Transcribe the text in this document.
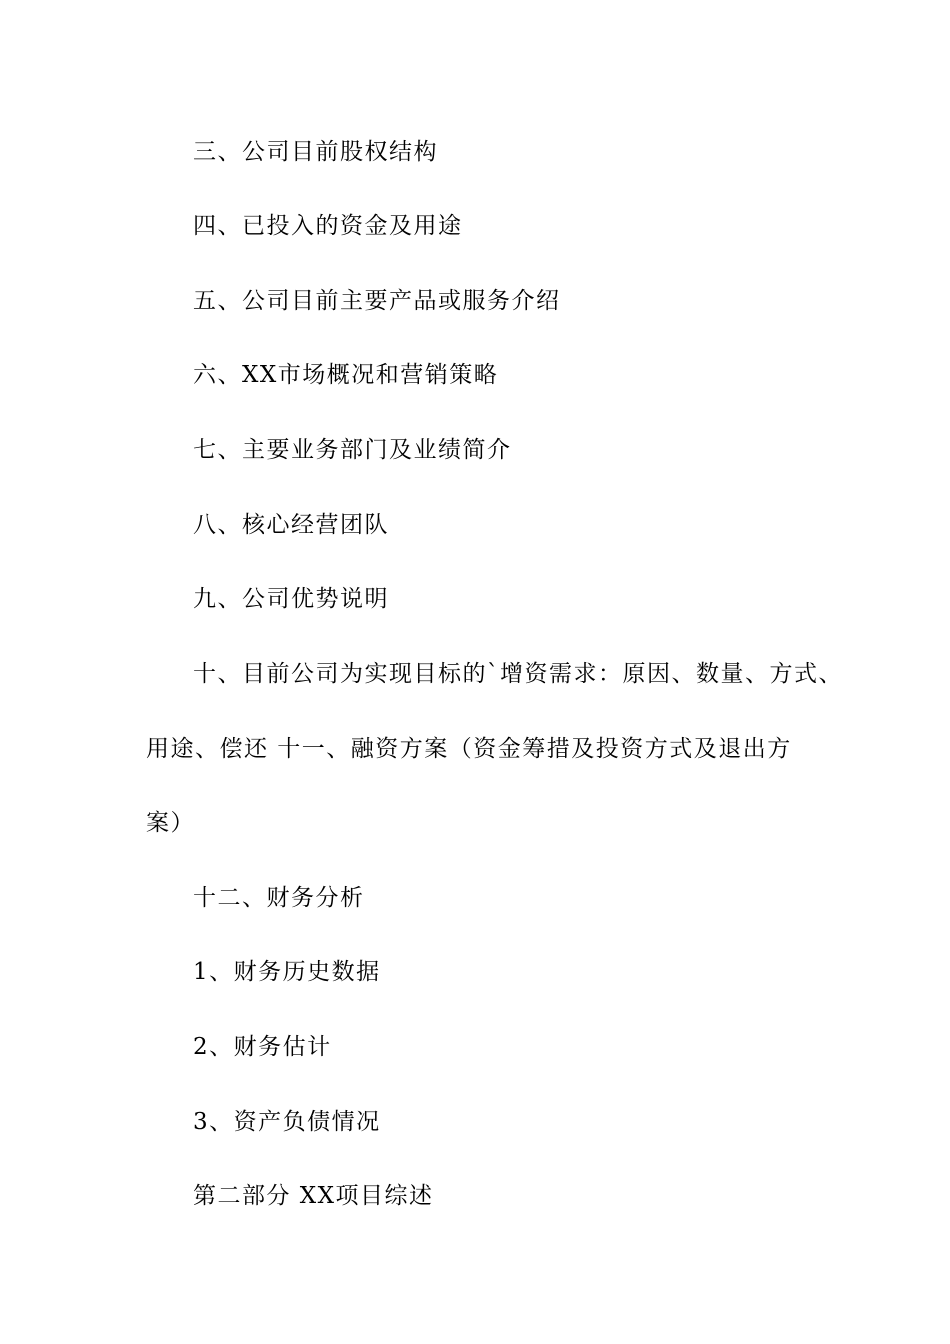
三、公司目前股权结构
四、已投入的资金及用途
五、公司目前主要产品或服务介绍
六、XX市场概况和营销策略
七、主要业务部门及业绩简介
八、核心经营团队
九、公司优势说明
十、目前公司为实现目标的`增资需求：原因、数量、方式、
用途、偿还 十一、融资方案（资金筹措及投资方式及退出方
案）
十二、财务分析
1、财务历史数据
2、财务估计
3、资产负债情况
第二部分 XX项目综述
